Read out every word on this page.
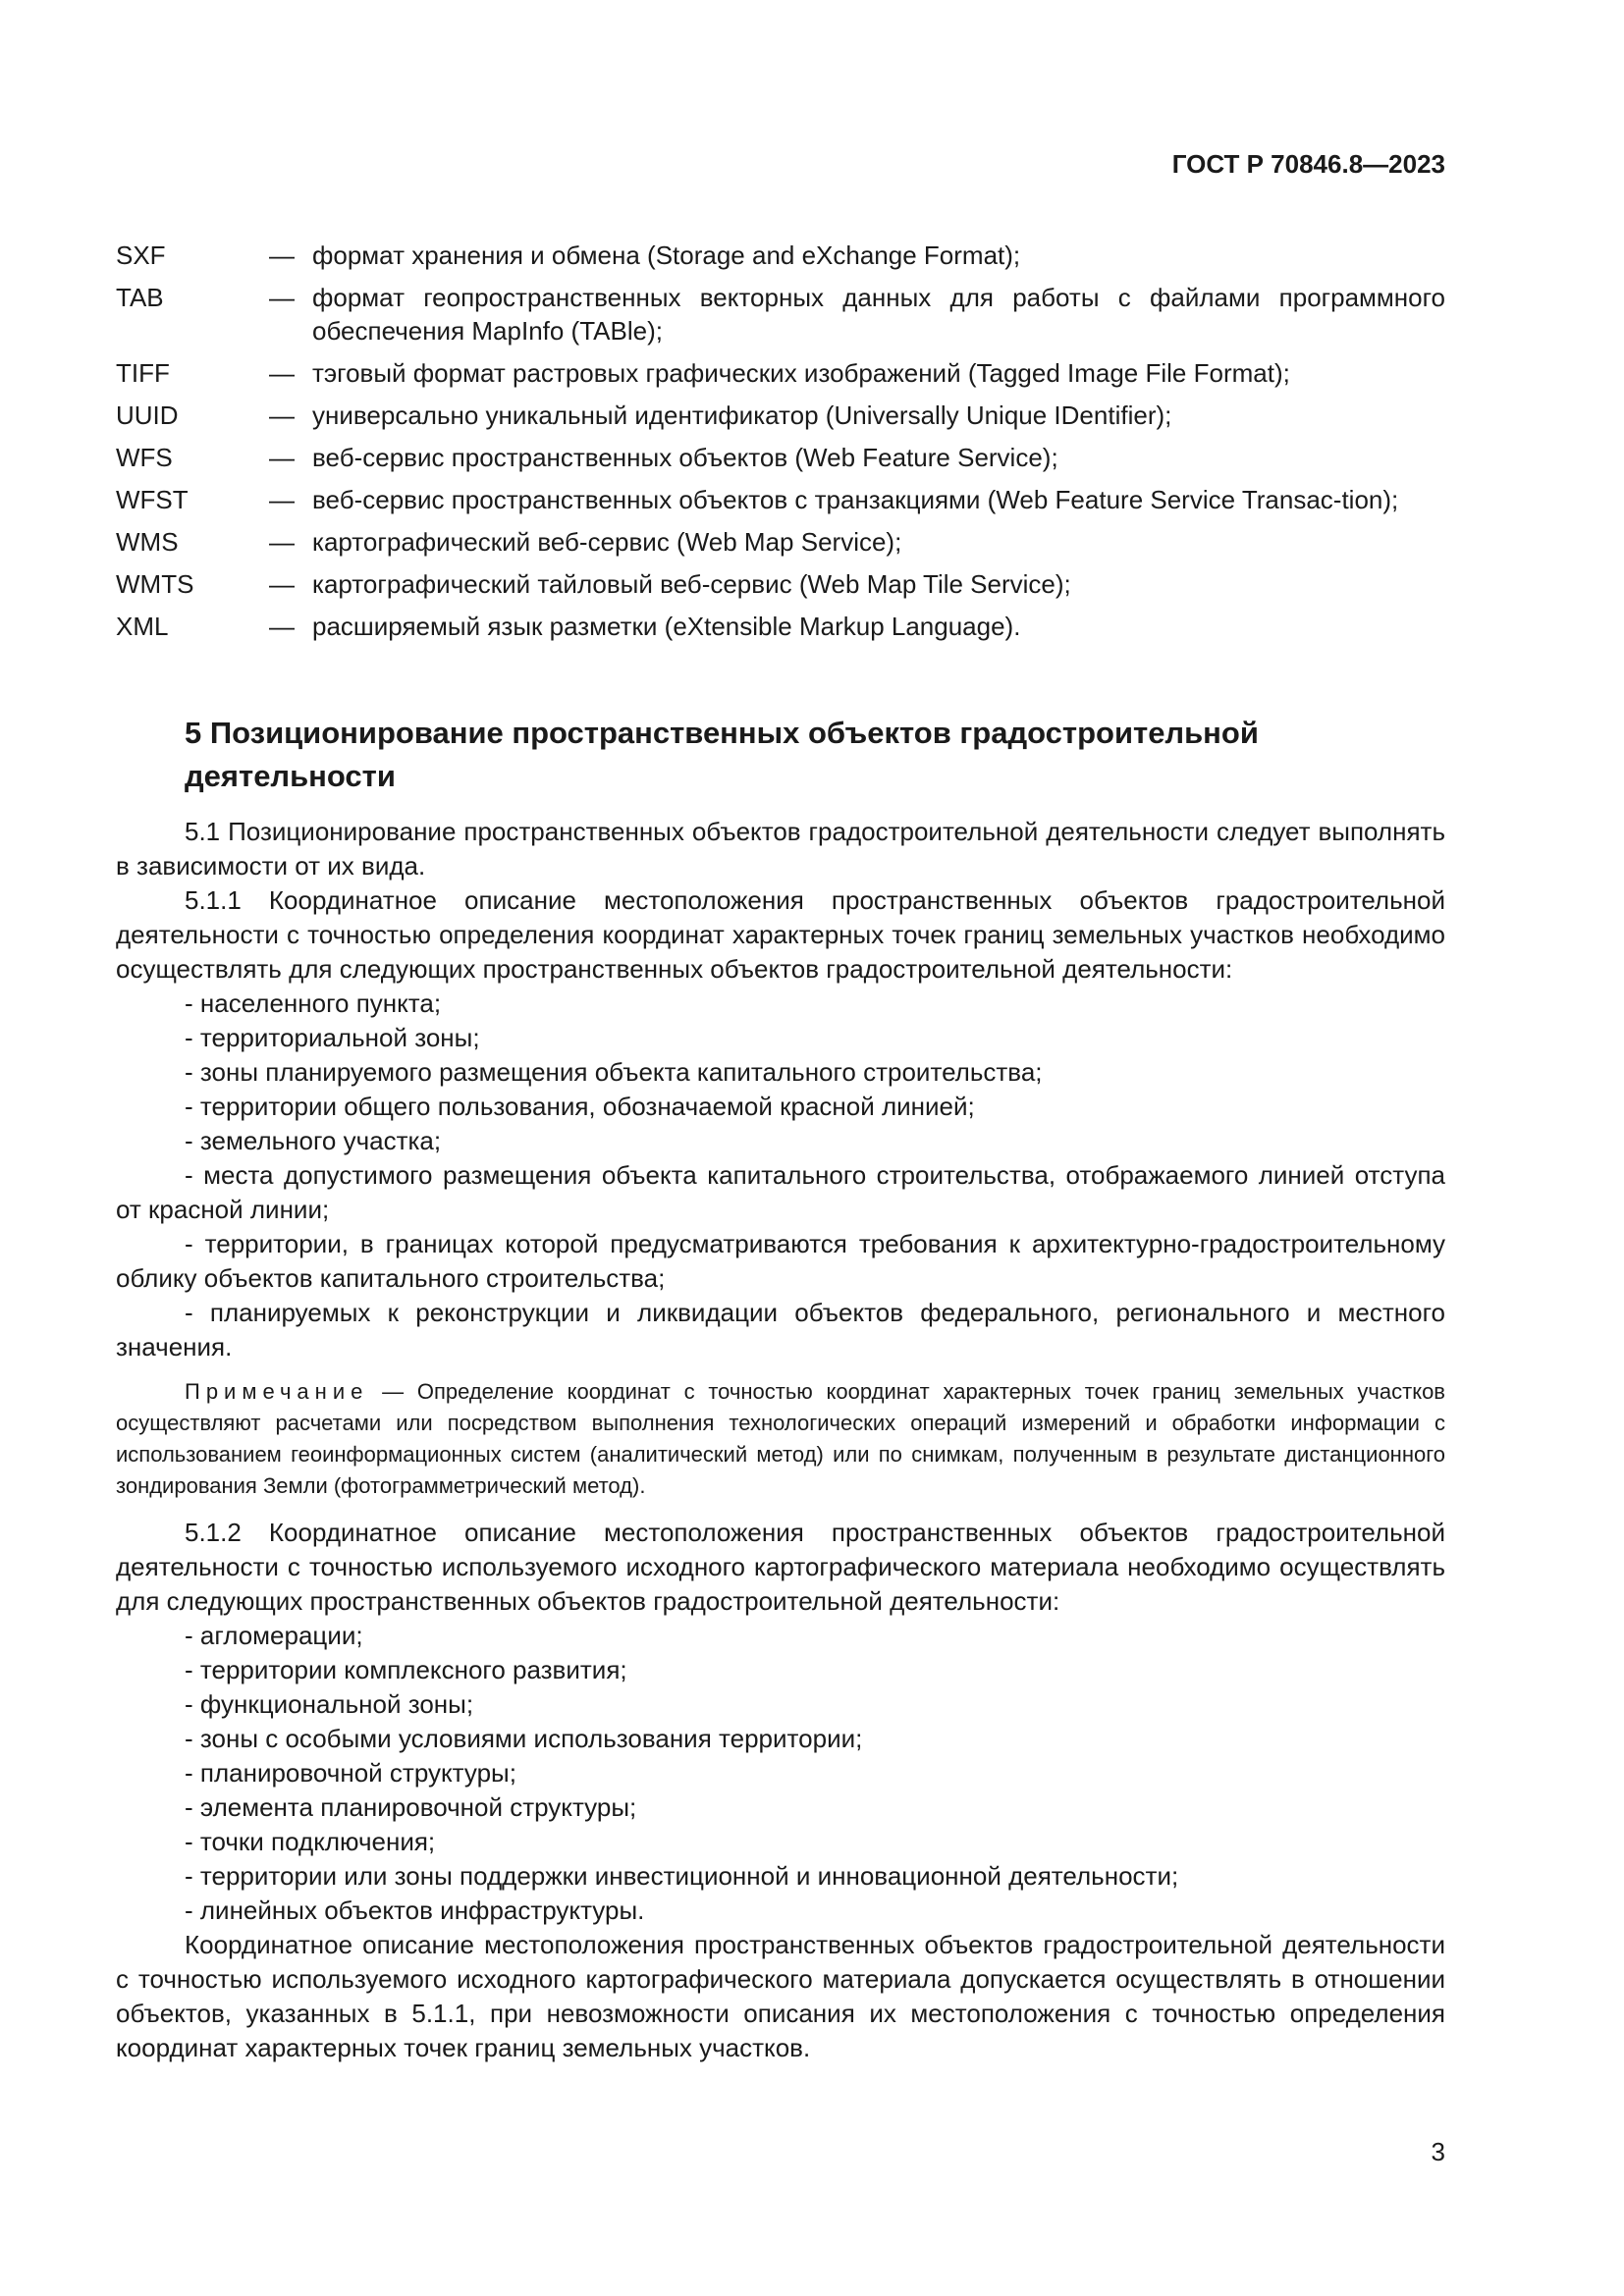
ГОСТ Р 70846.8—2023
SXF	— формат хранения и обмена (Storage and eXchange Format);
TAB	— формат геопространственных векторных данных для работы с файлами программного обеспечения MapInfo (TABle);
TIFF	— тэговый формат растровых графических изображений (Tagged Image File Format);
UUID	— универсально уникальный идентификатор (Universally Unique IDentifier);
WFS	— веб-сервис пространственных объектов (Web Feature Service);
WFST	— веб-сервис пространственных объектов с транзакциями (Web Feature Service Transac-tion);
WMS	— картографический веб-сервис (Web Map Service);
WMTS	— картографический тайловый веб-сервис (Web Map Tile Service);
XML	— расширяемый язык разметки (eXtensible Markup Language).
5 Позиционирование пространственных объектов градостроительной деятельности

5.1 Позиционирование пространственных объектов градостроительной деятельности следует выполнять в зависимости от их вида.

5.1.1 Координатное описание местоположения пространственных объектов градостроительной деятельности с точностью определения координат характерных точек границ земельных участков необходимо осуществлять для следующих пространственных объектов градостроительной деятельности:

- населенного пункта;

- территориальной зоны;

- зоны планируемого размещения объекта капитального строительства;

- территории общего пользования, обозначаемой красной линией;

- земельного участка;

- места допустимого размещения объекта капитального строительства, отображаемого линией отступа от красной линии;

- территории, в границах которой предусматриваются требования к архитектурно-градостроительному облику объектов капитального строительства;

- планируемых к реконструкции и ликвидации объектов федерального, регионального и местного значения.

Примечание — Определение координат с точностью координат характерных точек границ земельных участков осуществляют расчетами или посредством выполнения технологических операций измерений и обработки информации с использованием геоинформационных систем (аналитический метод) или по снимкам, полученным в результате дистанционного зондирования Земли (фотограмметрический метод).

5.1.2 Координатное описание местоположения пространственных объектов градостроительной деятельности с точностью используемого исходного картографического материала необходимо осуществлять для следующих пространственных объектов градостроительной деятельности:

- агломерации;

- территории комплексного развития;

- функциональной зоны;

- зоны с особыми условиями использования территории;

- планировочной структуры;

- элемента планировочной структуры;

- точки подключения;

- территории или зоны поддержки инвестиционной и инновационной деятельности;

- линейных объектов инфраструктуры.

Координатное описание местоположения пространственных объектов градостроительной деятельности с точностью используемого исходного картографического материала допускается осуществлять в отношении объектов, указанных в 5.1.1, при невозможности описания их местоположения с точностью определения координат характерных точек границ земельных участков.

3
